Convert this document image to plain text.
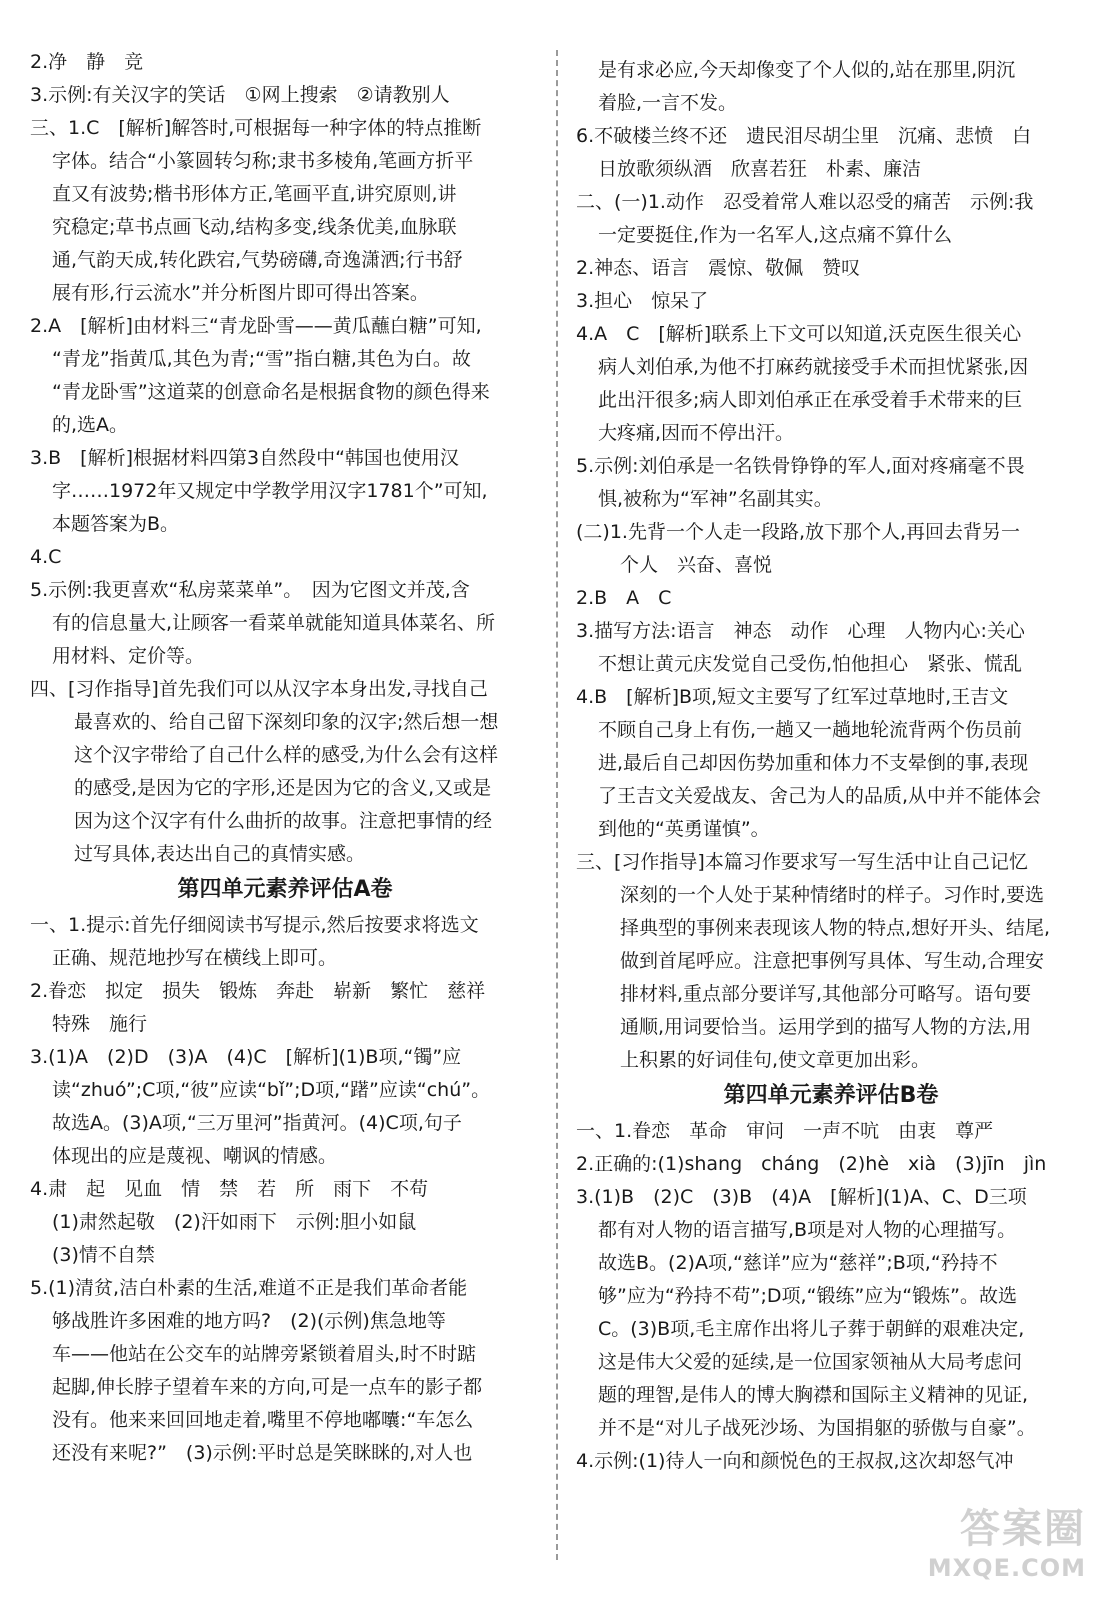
2.净　静　竞

3.示例:有关汉字的笑话　①网上搜索　②请教别人

三、1.C　[解析]解答时,可根据每一种字体的特点推断

字体。结合“小篆圆转匀称;隶书多棱角,笔画方折平

直又有波势;楷书形体方正,笔画平直,讲究原则,讲

究稳定;草书点画飞动,结构多变,线条优美,血脉联

通,气韵天成,转化跌宕,气势磅礴,奇逸潇洒;行书舒

展有形,行云流水”并分析图片即可得出答案。

2.A　[解析]由材料三“青龙卧雪——黄瓜蘸白糖”可知,

“青龙”指黄瓜,其色为青;“雪”指白糖,其色为白。故

“青龙卧雪”这道菜的创意命名是根据食物的颜色得来

的,选A。

3.B　[解析]根据材料四第3自然段中“韩国也使用汉

字……1972年又规定中学教学用汉字1781个”可知,

本题答案为B。

4.C

5.示例:我更喜欢“私房菜菜单”。　因为它图文并茂,含

有的信息量大,让顾客一看菜单就能知道具体菜名、所

用材料、定价等。

四、[习作指导]首先我们可以从汉字本身出发,寻找自己

最喜欢的、给自己留下深刻印象的汉字;然后想一想

这个汉字带给了自己什么样的感受,为什么会有这样

的感受,是因为它的字形,还是因为它的含义,又或是

因为这个汉字有什么曲折的故事。注意把事情的经

过写具体,表达出自己的真情实感。

第四单元素养评估A卷

一、1.提示:首先仔细阅读书写提示,然后按要求将选文

正确、规范地抄写在横线上即可。

2.眷恋　拟定　损失　锻炼　奔赴　崭新　繁忙　慈祥

特殊　施行

3.(1)A　(2)D　(3)A　(4)C　[解析](1)B项,“镯”应

读“zhuó”;C项,“彼”应读“bǐ”;D项,“躇”应读“chú”。

故选A。(3)A项,“三万里河”指黄河。(4)C项,句子

体现出的应是蔑视、嘲讽的情感。

4.肃　起　见血　情　禁　若　所　雨下　不苟

(1)肃然起敬　(2)汗如雨下　示例:胆小如鼠

(3)情不自禁

5.(1)清贫,洁白朴素的生活,难道不正是我们革命者能

够战胜许多困难的地方吗?　(2)(示例)焦急地等

车——他站在公交车的站牌旁紧锁着眉头,时不时踮

起脚,伸长脖子望着车来的方向,可是一点车的影子都

没有。他来来回回地走着,嘴里不停地嘟囔:“车怎么

还没有来呢?”　(3)示例:平时总是笑眯眯的,对人也

是有求必应,今天却像变了个人似的,站在那里,阴沉

着脸,一言不发。

6.不破楼兰终不还　遗民泪尽胡尘里　沉痛、悲愤　白

日放歌须纵酒　欣喜若狂　朴素、廉洁

二、(一)1.动作　忍受着常人难以忍受的痛苦　示例:我

一定要挺住,作为一名军人,这点痛不算什么

2.神态、语言　震惊、敬佩　赞叹

3.担心　惊呆了

4.A　C　[解析]联系上下文可以知道,沃克医生很关心

病人刘伯承,为他不打麻药就接受手术而担忧紧张,因

此出汗很多;病人即刘伯承正在承受着手术带来的巨

大疼痛,因而不停出汗。

5.示例:刘伯承是一名铁骨铮铮的军人,面对疼痛毫不畏

惧,被称为“军神”名副其实。

(二)1.先背一个人走一段路,放下那个人,再回去背另一

个人　兴奋、喜悦

2.B　A　C

3.描写方法:语言　神态　动作　心理　人物内心:关心

不想让黄元庆发觉自己受伤,怕他担心　紧张、慌乱

4.B　[解析]B项,短文主要写了红军过草地时,王吉文

不顾自己身上有伤,一趟又一趟地轮流背两个伤员前

进,最后自己却因伤势加重和体力不支晕倒的事,表现

了王吉文关爱战友、舍己为人的品质,从中并不能体会

到他的“英勇谨慎”。

三、[习作指导]本篇习作要求写一写生活中让自己记忆

深刻的一个人处于某种情绪时的样子。习作时,要选

择典型的事例来表现该人物的特点,想好开头、结尾,

做到首尾呼应。注意把事例写具体、写生动,合理安

排材料,重点部分要详写,其他部分可略写。语句要

通顺,用词要恰当。运用学到的描写人物的方法,用

上积累的好词佳句,使文章更加出彩。

第四单元素养评估B卷

一、1.眷恋　革命　审问　一声不吭　由衷　尊严

2.正确的:(1)shang　cháng　(2)hè　xià　(3)jīn　jìn

3.(1)B　(2)C　(3)B　(4)A　[解析](1)A、C、D三项

都有对人物的语言描写,B项是对人物的心理描写。

故选B。(2)A项,“慈详”应为“慈祥”;B项,“矜持不

够”应为“矜持不苟”;D项,“锻练”应为“锻炼”。故选

C。(3)B项,毛主席作出将儿子葬于朝鲜的艰难决定,

这是伟大父爱的延续,是一位国家领袖从大局考虑问

题的理智,是伟人的博大胸襟和国际主义精神的见证,

并不是“对儿子战死沙场、为国捐躯的骄傲与自豪”。

4.示例:(1)待人一向和颜悦色的王叔叔,这次却怒气冲

答案圈
MXQE.COM
